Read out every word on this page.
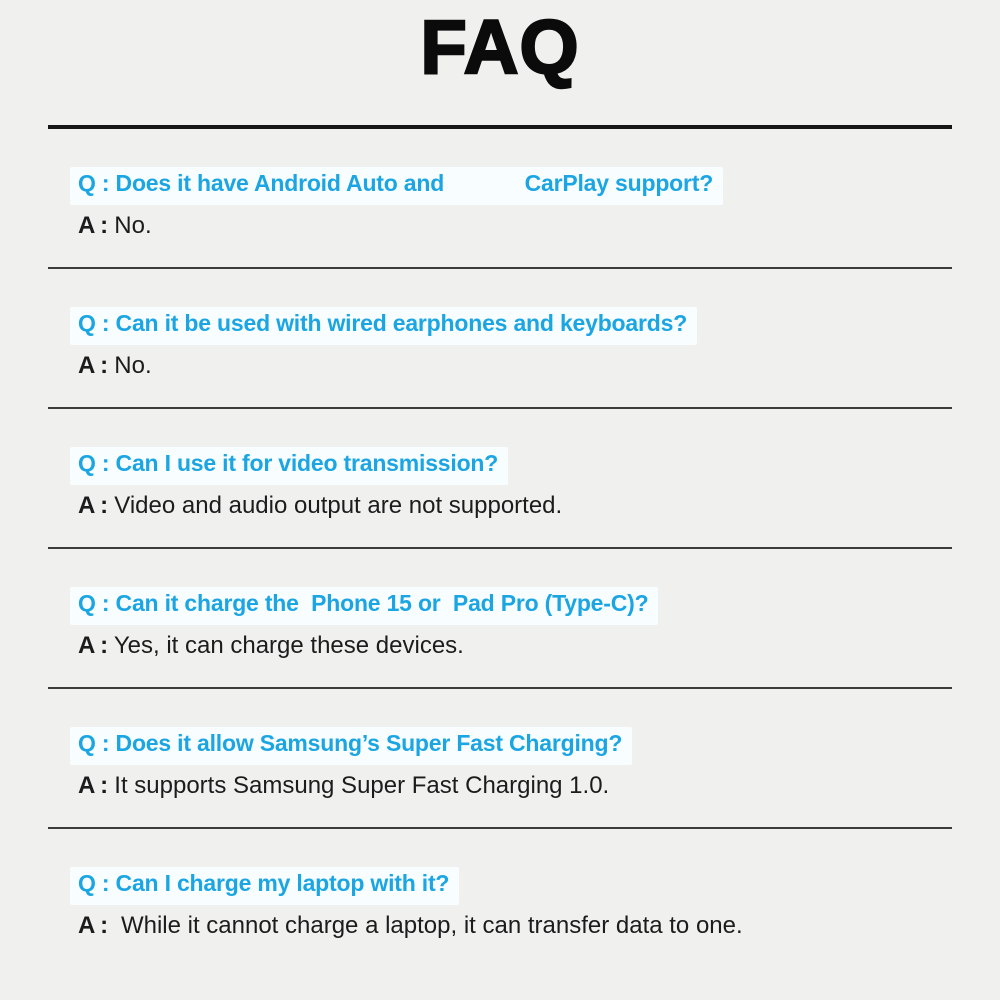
FAQ
Q : Does it have Android Auto and             CarPlay support?
A : No.
Q : Can it be used with wired earphones and keyboards?
A : No.
Q : Can I use it for video transmission?
A : Video and audio output are not supported.
Q : Can it charge the  Phone 15 or  Pad Pro (Type-C)?
A : Yes, it can charge these devices.
Q : Does it allow Samsung’s Super Fast Charging?
A : It supports Samsung Super Fast Charging 1.0.
Q : Can I charge my laptop with it?
A :  While it cannot charge a laptop, it can transfer data to one.
